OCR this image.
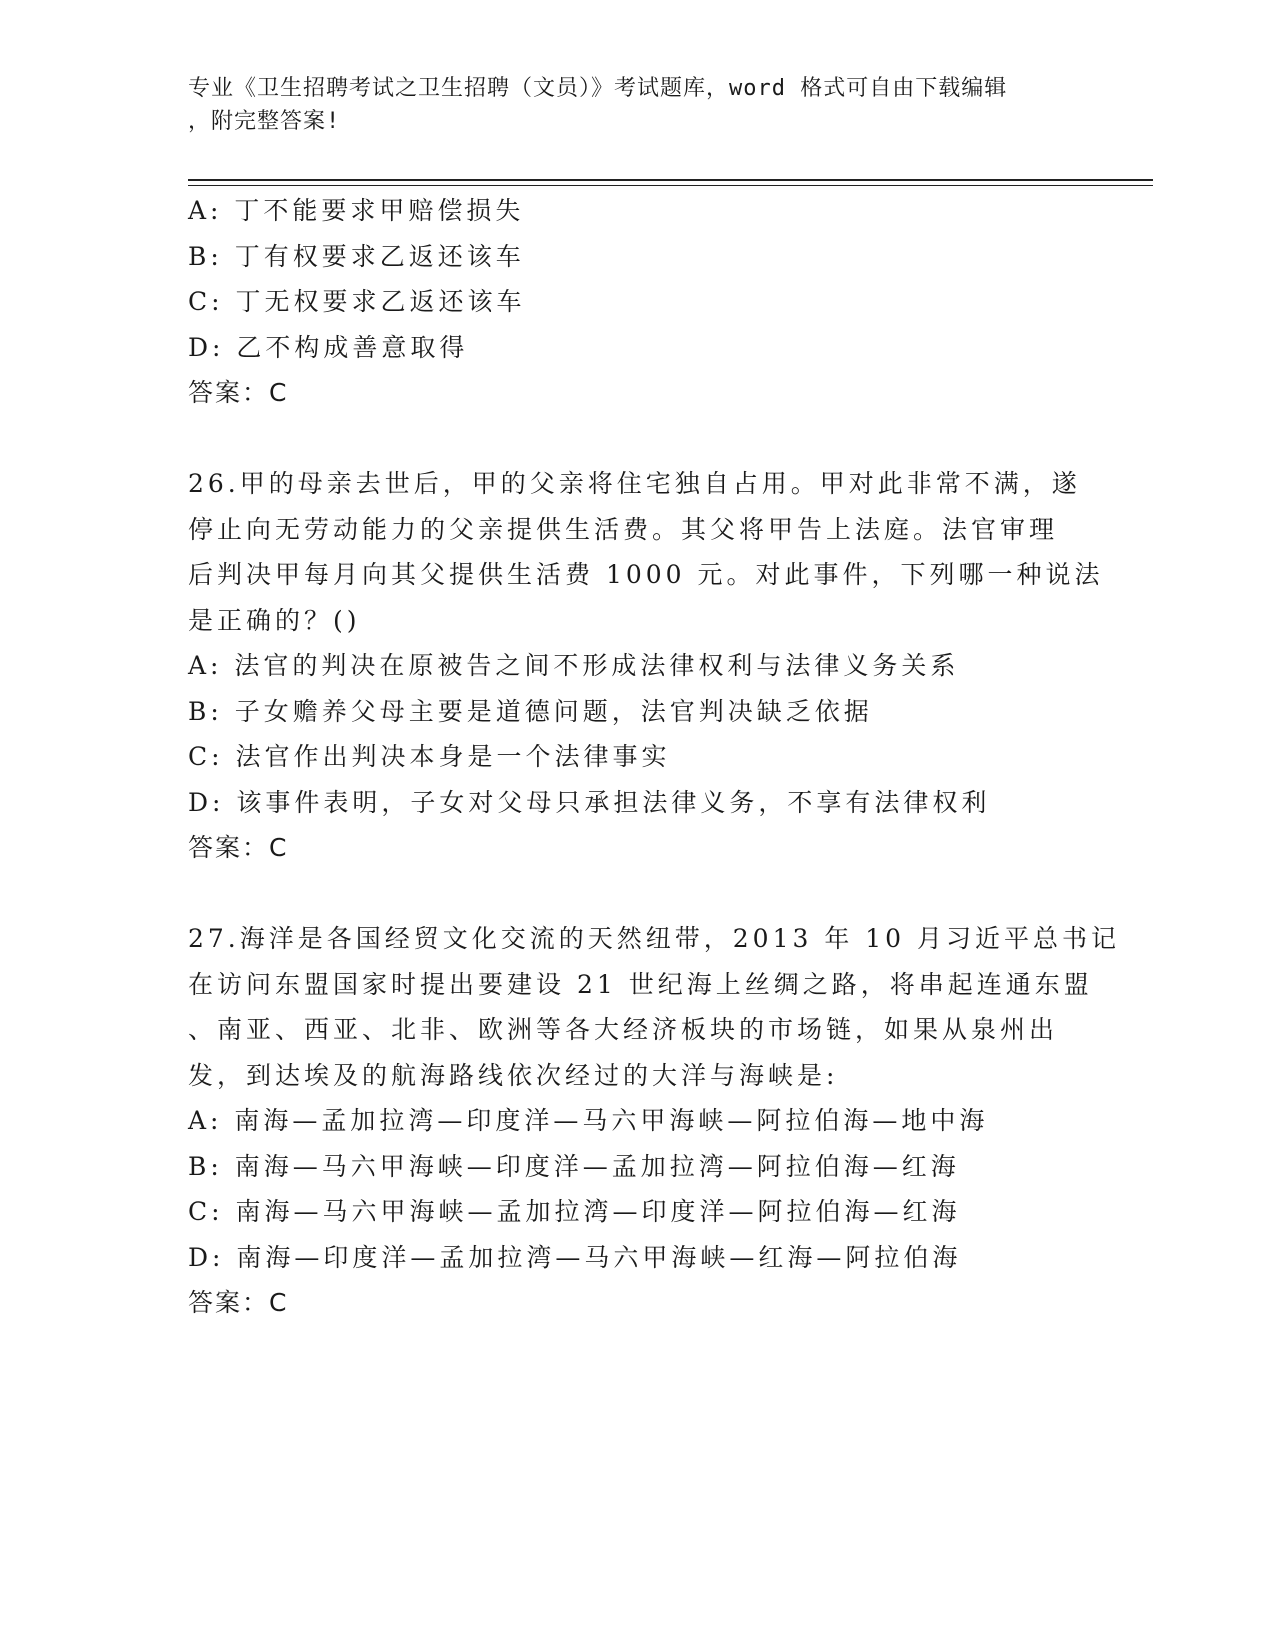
专业《卫生招聘考试之卫生招聘（文员）》考试题库，word 格式可自由下载编辑
，附完整答案!
A: 丁不能要求甲赔偿损失
B: 丁有权要求乙返还该车
C: 丁无权要求乙返还该车
D: 乙不构成善意取得
答案：C
26.甲的母亲去世后，甲的父亲将住宅独自占用。甲对此非常不满，遂
停止向无劳动能力的父亲提供生活费。其父将甲告上法庭。法官审理
后判决甲每月向其父提供生活费 1000 元。对此事件，下列哪一种说法
是正确的？()
A: 法官的判决在原被告之间不形成法律权利与法律义务关系
B: 子女赡养父母主要是道德问题，法官判决缺乏依据
C: 法官作出判决本身是一个法律事实
D: 该事件表明，子女对父母只承担法律义务，不享有法律权利
答案：C
27.海洋是各国经贸文化交流的天然纽带，2013 年 10 月习近平总书记
在访问东盟国家时提出要建设 21 世纪海上丝绸之路，将串起连通东盟
、南亚、西亚、北非、欧洲等各大经济板块的市场链，如果从泉州出
发，到达埃及的航海路线依次经过的大洋与海峡是:
A: 南海—孟加拉湾—印度洋—马六甲海峡—阿拉伯海—地中海
B: 南海—马六甲海峡—印度洋—孟加拉湾—阿拉伯海—红海
C: 南海—马六甲海峡—孟加拉湾—印度洋—阿拉伯海—红海
D: 南海—印度洋—孟加拉湾—马六甲海峡—红海—阿拉伯海
答案：C
